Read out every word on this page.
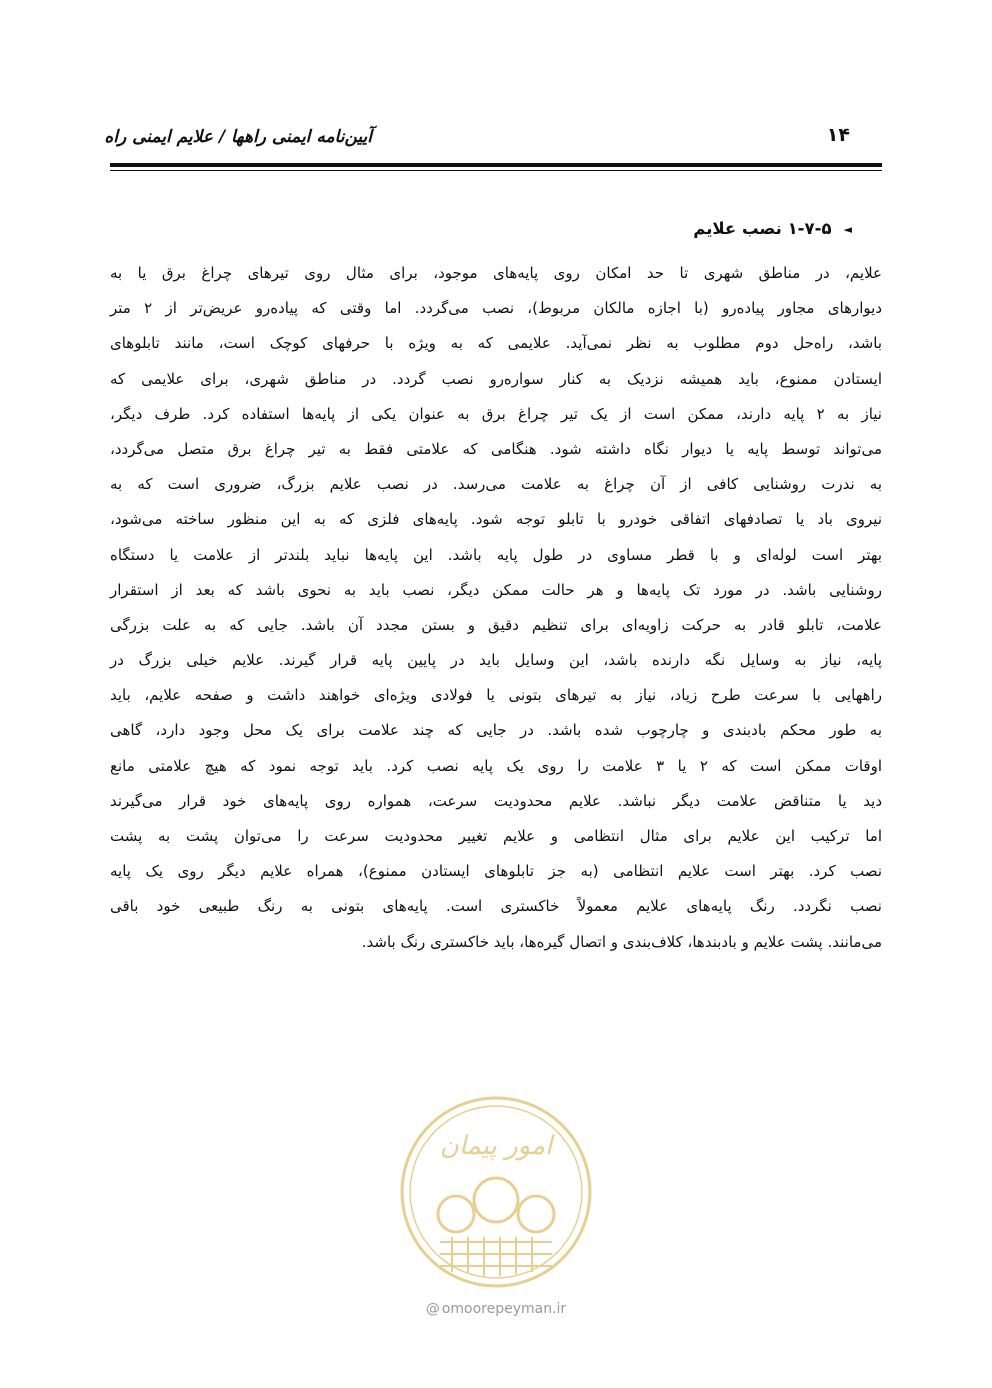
آیین‌نامه ایمنی راهها / علایم ایمنی راه	۱۴
◄۱-۷-۵ نصب علایم
علایم، در مناطق شهری تا حد امکان روی پایه‌های موجود، برای مثال روی تیرهای چراغ برق یا به
دیوارهای مجاور پیاده‌رو (با اجازه مالکان مربوط)، نصب می‌گردد. اما وقتی که پیاده‌رو عریض‌تر از ۲ متر
باشد، راه‌حل دوم مطلوب به نظر نمی‌آید. علایمی که به ویژه با حرفهای کوچک است، مانند تابلوهای
ایستادن ممنوع، باید همیشه نزدیک به کنار سواره‌رو نصب گردد. در مناطق شهری، برای علایمی که
نیاز به ۲ پایه دارند، ممکن است از یک تیر چراغ برق به عنوان یکی از پایه‌ها استفاده کرد. طرف دیگر،
می‌تواند توسط پایه یا دیوار نگاه داشته شود. هنگامی که علامتی فقط به تیر چراغ برق متصل می‌گردد،
به ندرت روشنایی کافی از آن چراغ به علامت می‌رسد. در نصب علایم بزرگ، ضروری است که به
نیروی باد یا تصادفهای اتفاقی خودرو با تابلو توجه شود. پایه‌های فلزی که به این منظور ساخته می‌شود،
بهتر است لوله‌ای و با قطر مساوی در طول پایه باشد. این پایه‌ها نباید بلندتر از علامت یا دستگاه
روشنایی باشد. در مورد تک پایه‌ها و هر حالت ممکن دیگر، نصب باید به نحوی باشد که بعد از استقرار
علامت، تابلو قادر به حرکت زاویه‌ای برای تنظیم دقیق و بستن مجدد آن باشد. جایی که به علت بزرگی
پایه، نیاز به وسایل نگه دارنده باشد، این وسایل باید در پایین پایه قرار گیرند. علایم خیلی بزرگ در
راههایی با سرعت طرح زیاد، نیاز به تیرهای بتونی یا فولادی ویژه‌ای خواهند داشت و صفحه علایم، باید
به طور محکم بادبندی و چارچوب شده باشد. در جایی که چند علامت برای یک محل وجود دارد، گاهی
اوقات ممکن است که ۲ یا ۳ علامت را روی یک پایه نصب کرد. باید توجه نمود که هیچ علامتی مانع
دید یا متناقض علامت دیگر نباشد. علایم محدودیت سرعت، همواره روی پایه‌های خود قرار می‌گیرند
اما ترکیب این علایم برای مثال انتظامی و علایم تغییر محدودیت سرعت را می‌توان پشت به پشت
نصب کرد. بهتر است علایم انتظامی (به جز تابلوهای ایستادن ممنوع)، همراه علایم دیگر روی یک پایه
نصب نگردد. رنگ پایه‌های علایم معمولاً خاکستری است. پایه‌های بتونی به رنگ طبیعی خود باقی
می‌مانند. پشت علایم و بادبندها، کلاف‌بندی و اتصال گیره‌ها، باید خاکستری رنگ باشد.
امور پیمان
@ omoorepeyman.ir
